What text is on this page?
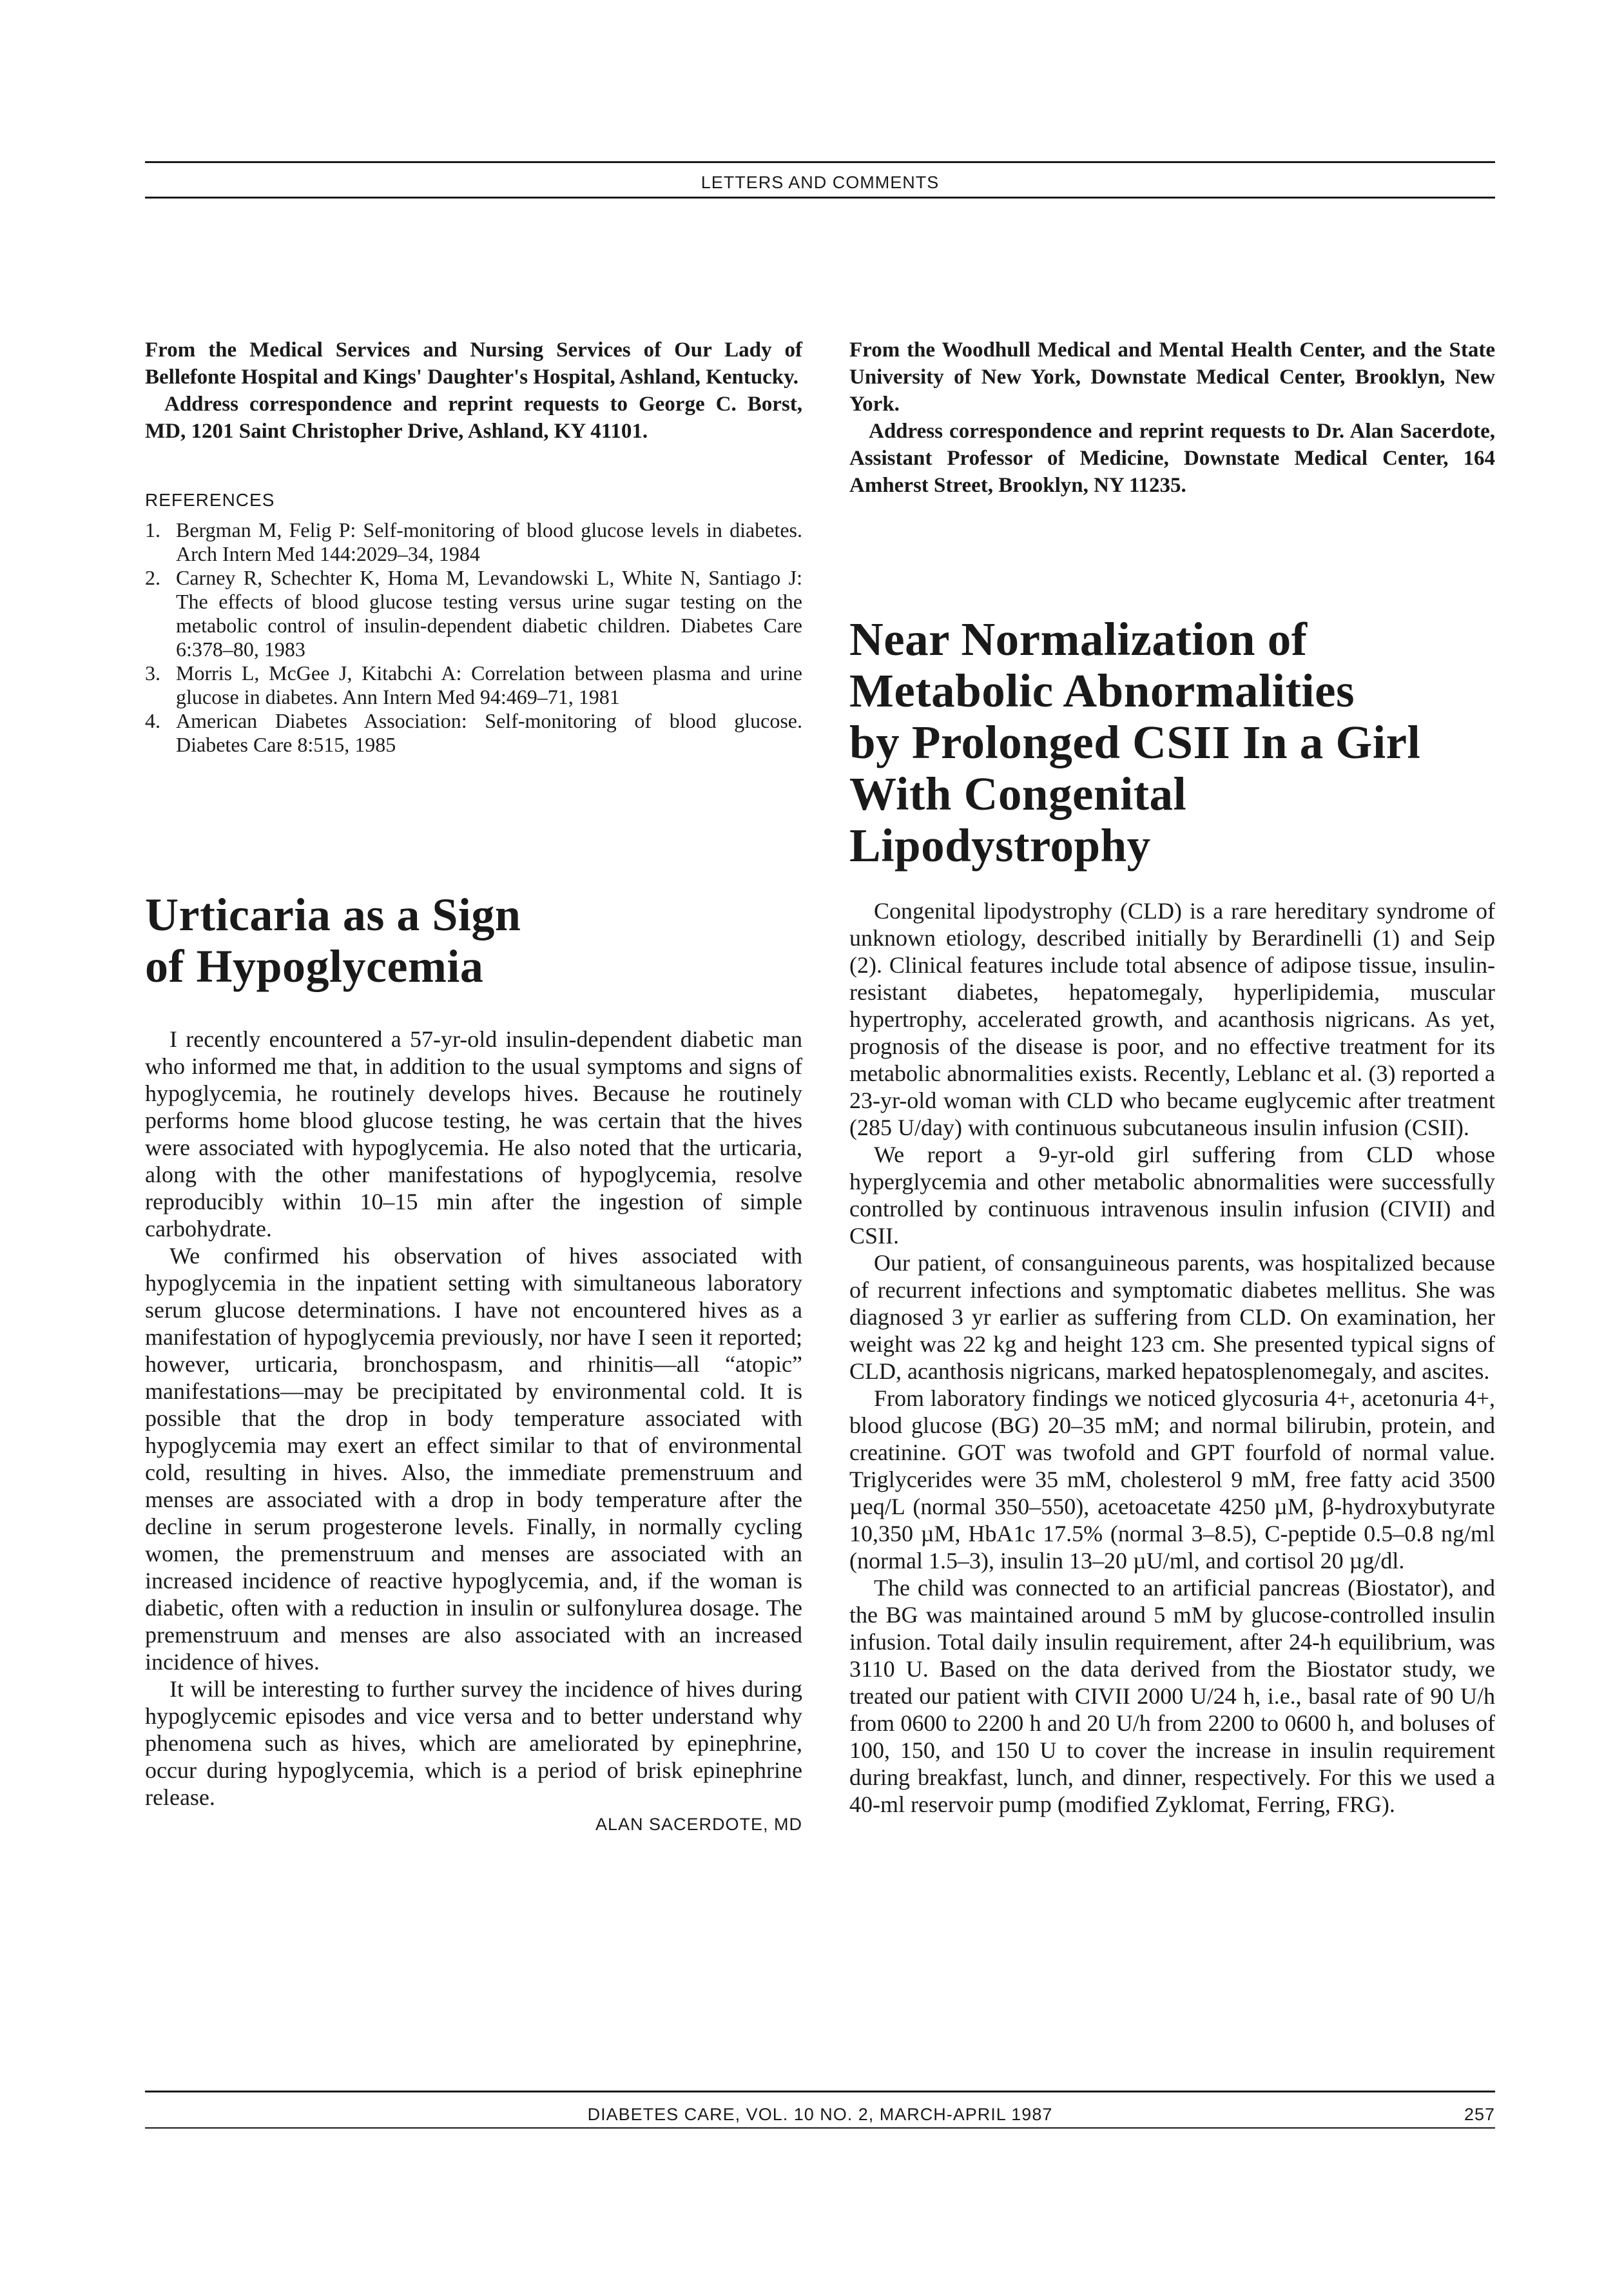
LETTERS AND COMMENTS

From the Medical Services and Nursing Services of Our Lady of Bellefonte Hospital and Kings' Daughter's Hospital, Ashland, Kentucky.

Address correspondence and reprint requests to George C. Borst, MD, 1201 Saint Christopher Drive, Ashland, KY 41101.

REFERENCES
1. Bergman M, Felig P: Self-monitoring of blood glucose levels in diabetes. Arch Intern Med 144:2029–34, 1984
2. Carney R, Schechter K, Homa M, Levandowski L, White N, Santiago J: The effects of blood glucose testing versus urine sugar testing on the metabolic control of insulin-dependent diabetic children. Diabetes Care 6:378–80, 1983
3. Morris L, McGee J, Kitabchi A: Correlation between plasma and urine glucose in diabetes. Ann Intern Med 94:469–71, 1981
4. American Diabetes Association: Self-monitoring of blood glucose. Diabetes Care 8:515, 1985
Urticaria as a Sign
of Hypoglycemia

I recently encountered a 57-yr-old insulin-dependent diabetic man who informed me that, in addition to the usual symptoms and signs of hypoglycemia, he routinely develops hives. Because he routinely performs home blood glucose testing, he was certain that the hives were associated with hypoglycemia. He also noted that the urticaria, along with the other manifestations of hypoglycemia, resolve reproducibly within 10–15 min after the ingestion of simple carbohydrate.

We confirmed his observation of hives associated with hypoglycemia in the inpatient setting with simultaneous laboratory serum glucose determinations. I have not encountered hives as a manifestation of hypoglycemia previously, nor have I seen it reported; however, urticaria, bronchospasm, and rhinitis—all “atopic” manifestations—may be precipitated by environmental cold. It is possible that the drop in body temperature associated with hypoglycemia may exert an effect similar to that of environmental cold, resulting in hives. Also, the immediate premenstruum and menses are associated with a drop in body temperature after the decline in serum progesterone levels. Finally, in normally cycling women, the premenstruum and menses are associated with an increased incidence of reactive hypoglycemia, and, if the woman is diabetic, often with a reduction in insulin or sulfonylurea dosage. The premenstruum and menses are also associated with an increased incidence of hives.

It will be interesting to further survey the incidence of hives during hypoglycemic episodes and vice versa and to better understand why phenomena such as hives, which are ameliorated by epinephrine, occur during hypoglycemia, which is a period of brisk epinephrine release.

ALAN SACERDOTE, MD

From the Woodhull Medical and Mental Health Center, and the State University of New York, Downstate Medical Center, Brooklyn, New York.

Address correspondence and reprint requests to Dr. Alan Sacerdote, Assistant Professor of Medicine, Downstate Medical Center, 164 Amherst Street, Brooklyn, NY 11235.

Near Normalization of
Metabolic Abnormalities
by Prolonged CSII In a Girl
With Congenital Lipodystrophy

Congenital lipodystrophy (CLD) is a rare hereditary syndrome of unknown etiology, described initially by Berardinelli (1) and Seip (2). Clinical features include total absence of adipose tissue, insulin-resistant diabetes, hepatomegaly, hyperlipidemia, muscular hypertrophy, accelerated growth, and acanthosis nigricans. As yet, prognosis of the disease is poor, and no effective treatment for its metabolic abnormalities exists. Recently, Leblanc et al. (3) reported a 23-yr-old woman with CLD who became euglycemic after treatment (285 U/day) with continuous subcutaneous insulin infusion (CSII).

We report a 9-yr-old girl suffering from CLD whose hyperglycemia and other metabolic abnormalities were successfully controlled by continuous intravenous insulin infusion (CIVII) and CSII.

Our patient, of consanguineous parents, was hospitalized because of recurrent infections and symptomatic diabetes mellitus. She was diagnosed 3 yr earlier as suffering from CLD. On examination, her weight was 22 kg and height 123 cm. She presented typical signs of CLD, acanthosis nigricans, marked hepatosplenomegaly, and ascites.

From laboratory findings we noticed glycosuria 4+, acetonuria 4+, blood glucose (BG) 20–35 mM; and normal bilirubin, protein, and creatinine. GOT was twofold and GPT fourfold of normal value. Triglycerides were 35 mM, cholesterol 9 mM, free fatty acid 3500 µeq/L (normal 350–550), acetoacetate 4250 µM, β-hydroxybutyrate 10,350 µM, HbA1c 17.5% (normal 3–8.5), C-peptide 0.5–0.8 ng/ml (normal 1.5–3), insulin 13–20 µU/ml, and cortisol 20 µg/dl.

The child was connected to an artificial pancreas (Biostator), and the BG was maintained around 5 mM by glucose-controlled insulin infusion. Total daily insulin requirement, after 24-h equilibrium, was 3110 U. Based on the data derived from the Biostator study, we treated our patient with CIVII 2000 U/24 h, i.e., basal rate of 90 U/h from 0600 to 2200 h and 20 U/h from 2200 to 0600 h, and boluses of 100, 150, and 150 U to cover the increase in insulin requirement during breakfast, lunch, and dinner, respectively. For this we used a 40-ml reservoir pump (modified Zyklomat, Ferring, FRG).

DIABETES CARE, VOL. 10 NO. 2, MARCH-APRIL 1987	257
